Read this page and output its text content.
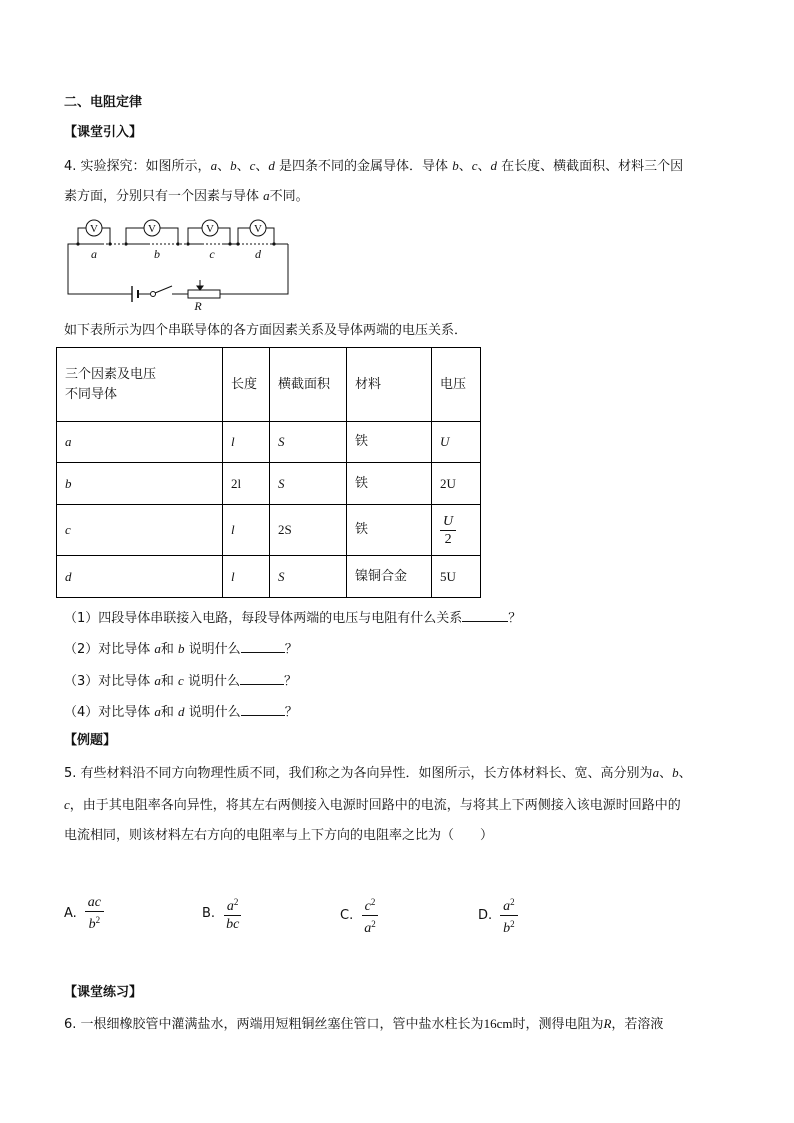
二、电阻定律
【课堂引入】
4. 实验探究：如图所示，a、b、c、d 是四条不同的金属导体．导体 b、c、d 在长度、横截面积、材料三个因
素方面，分别只有一个因素与导体 a不同。
V	V	V	V
a	b	c	d
R
如下表所示为四个串联导体的各方面因素关系及导体两端的电压关系．
三个因素及电压
不同导体	长度	横截面积	材料	电压
a	l	S	铁	U
b	2l	S	铁	2U
c	l	2S	铁	$\frac{U}{2}$

d	l	S	镍铜合金	5U
（1）四段导体串联接入电路，每段导体两端的电压与电阻有什么关系	？
（2）对比导体 a和 b 说明什么	？
（3）对比导体 a和 c 说明什么	？
（4）对比导体 a和 d 说明什么	？
【例题】
5. 有些材料沿不同方向物理性质不同，我们称之为各向异性．如图所示，长方体材料长、宽、高分别为a、b、
c，由于其电阻率各向异性，将其左右两侧接入电源时回路中的电流，与将其上下两侧接入该电源时回路中的
电流相同，则该材料左右方向的电阻率与上下方向的电阻率之比为（　　）
A. $\frac{ac}{b^2}$	B. $\frac{a^2}{bc}$	C. $\frac{c^2}{a^2}$	D. $\frac{a^2}{b^2}$
【课堂练习】
6. 一根细橡胶管中灌满盐水，两端用短粗铜丝塞住管口，管中盐水柱长为16cm时，测得电阻为R，若溶液
